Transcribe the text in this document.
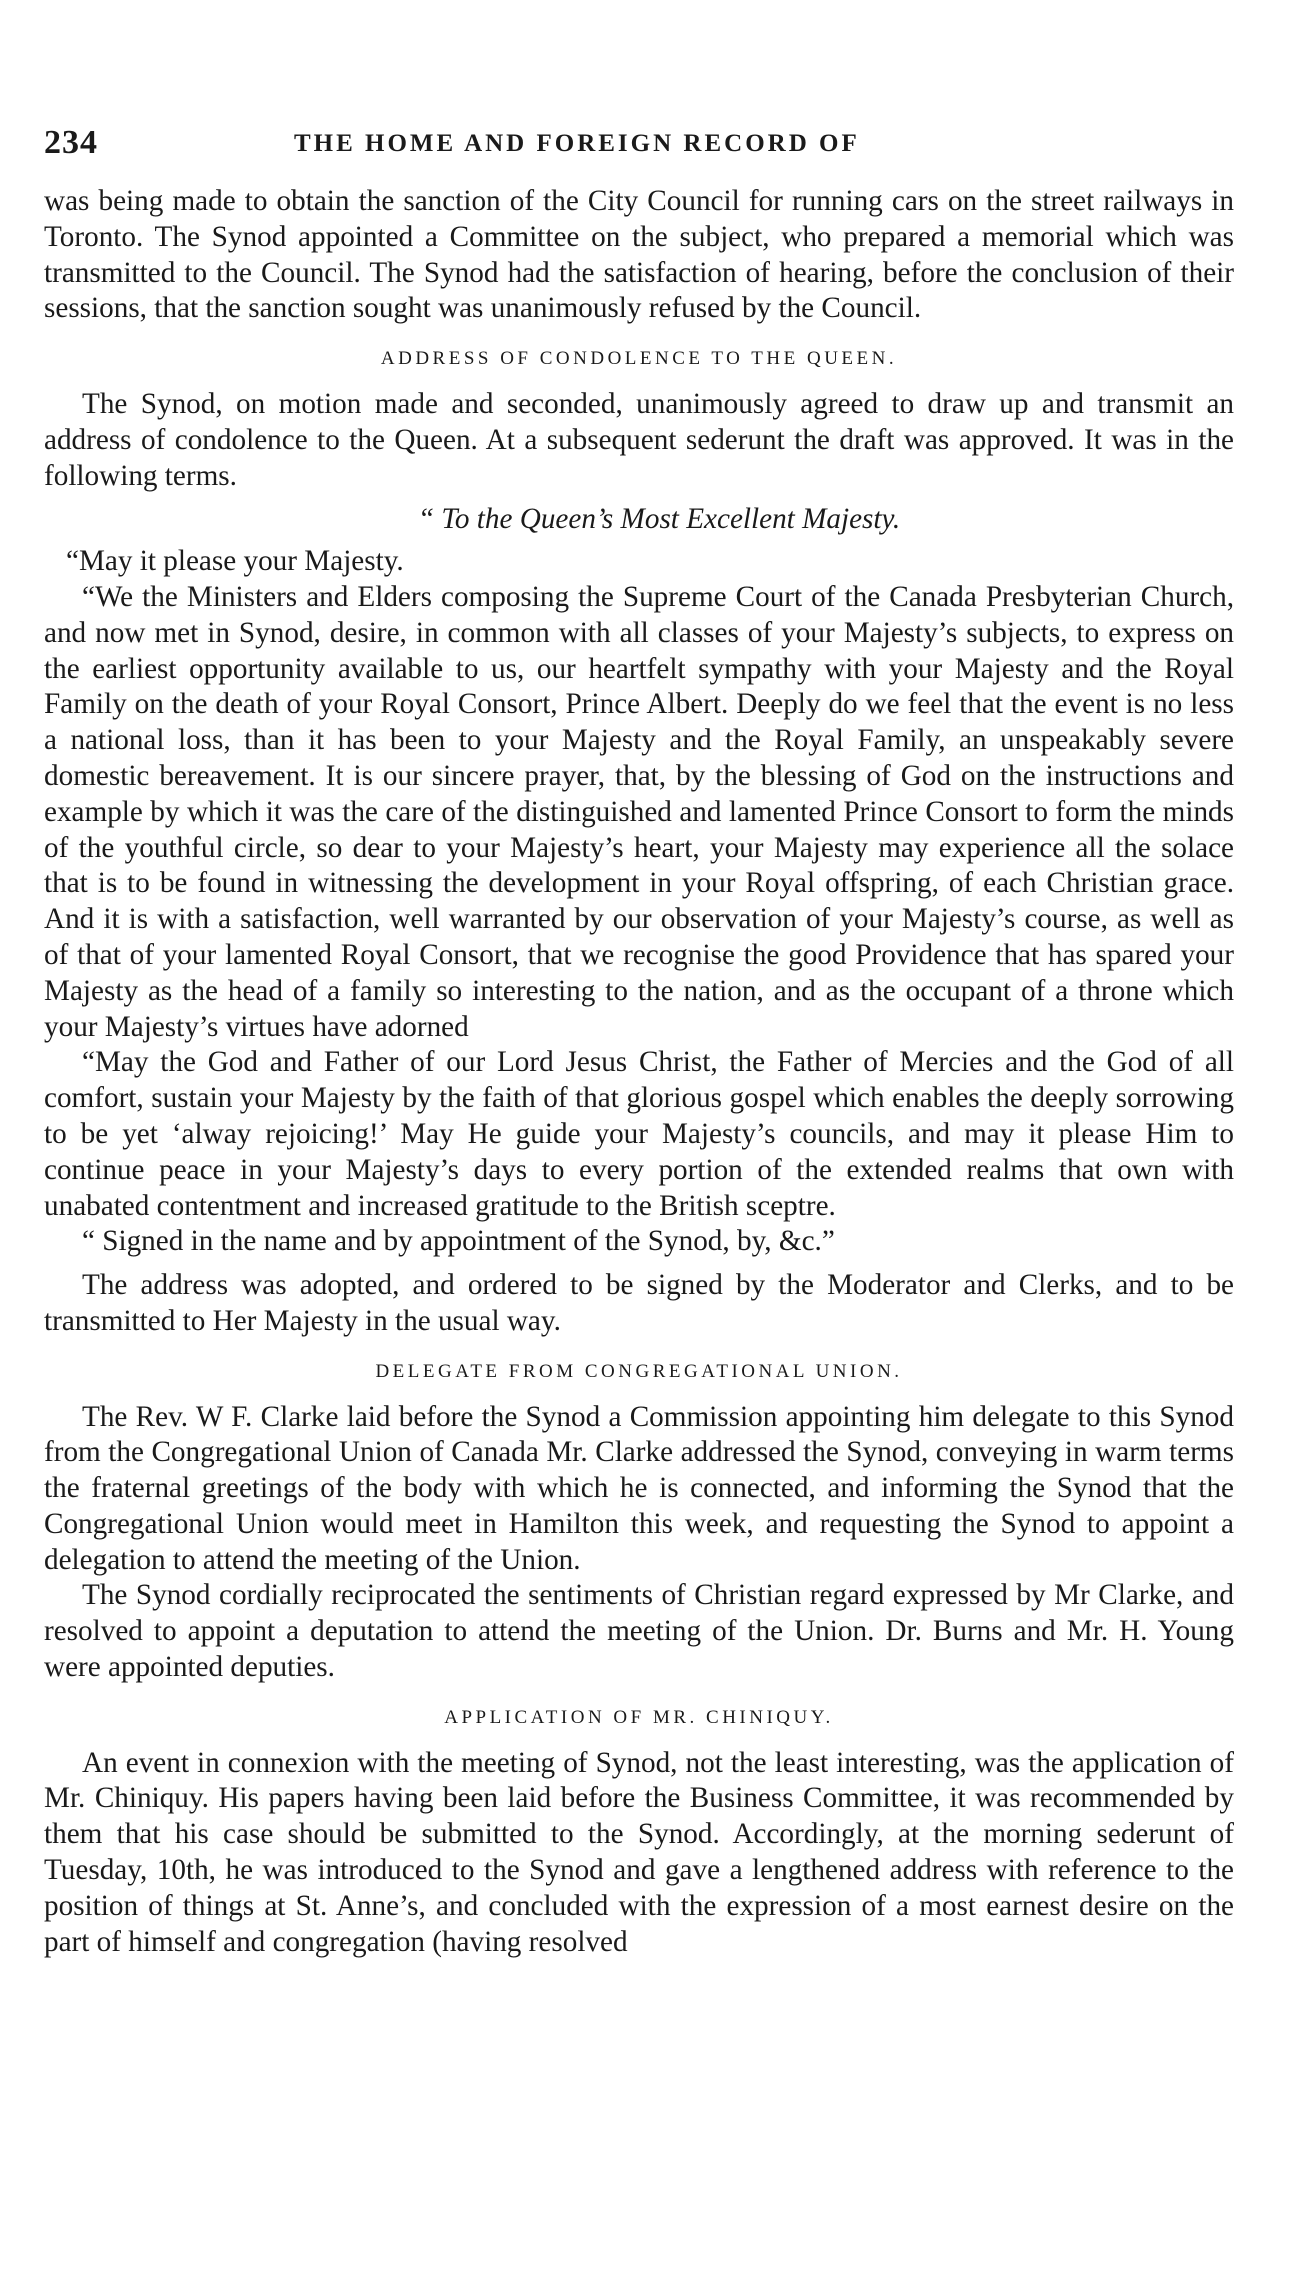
234	THE HOME AND FOREIGN RECORD OF

was being made to obtain the sanction of the City Council for running cars on the street railways in Toronto. The Synod appointed a Committee on the subject, who prepared a memorial which was transmitted to the Council. The Synod had the satisfaction of hearing, before the conclusion of their sessions, that the sanction sought was unanimously refused by the Council.

ADDRESS OF CONDOLENCE TO THE QUEEN.

The Synod, on motion made and seconded, unanimously agreed to draw up and transmit an address of condolence to the Queen. At a subsequent sederunt the draft was approved. It was in the following terms.

“ To the Queen’s Most Excellent Majesty.

“May it please your Majesty.

“We the Ministers and Elders composing the Supreme Court of the Canada Presbyterian Church, and now met in Synod, desire, in common with all classes of your Majesty’s subjects, to express on the earliest opportunity available to us, our heartfelt sympathy with your Majesty and the Royal Family on the death of your Royal Consort, Prince Albert. Deeply do we feel that the event is no less a national loss, than it has been to your Majesty and the Royal Family, an unspeakably severe domestic bereavement. It is our sincere prayer, that, by the blessing of God on the instructions and example by which it was the care of the distinguished and lamented Prince Consort to form the minds of the youthful circle, so dear to your Majesty’s heart, your Majesty may experience all the solace that is to be found in witnessing the development in your Royal offspring, of each Christian grace. And it is with a satisfaction, well warranted by our observation of your Majesty’s course, as well as of that of your lamented Royal Consort, that we recognise the good Providence that has spared your Majesty as the head of a family so interesting to the nation, and as the occupant of a throne which your Majesty’s virtues have adorned

“May the God and Father of our Lord Jesus Christ, the Father of Mercies and the God of all comfort, sustain your Majesty by the faith of that glorious gospel which enables the deeply sorrowing to be yet ‘alway rejoicing!’ May He guide your Majesty’s councils, and may it please Him to continue peace in your Majesty’s days to every portion of the extended realms that own with unabated contentment and increased gratitude to the British sceptre.

“ Signed in the name and by appointment of the Synod, by, &c.”

The address was adopted, and ordered to be signed by the Moderator and Clerks, and to be transmitted to Her Majesty in the usual way.

DELEGATE FROM CONGREGATIONAL UNION.

The Rev. W F. Clarke laid before the Synod a Commission appointing him delegate to this Synod from the Congregational Union of Canada Mr. Clarke addressed the Synod, conveying in warm terms the fraternal greetings of the body with which he is connected, and informing the Synod that the Congregational Union would meet in Hamilton this week, and requesting the Synod to appoint a delegation to attend the meeting of the Union.

The Synod cordially reciprocated the sentiments of Christian regard expressed by Mr Clarke, and resolved to appoint a deputation to attend the meeting of the Union. Dr. Burns and Mr. H. Young were appointed deputies.

APPLICATION OF MR. CHINIQUY.

An event in connexion with the meeting of Synod, not the least interesting, was the application of Mr. Chiniquy. His papers having been laid before the Business Committee, it was recommended by them that his case should be submitted to the Synod. Accordingly, at the morning sederunt of Tuesday, 10th, he was introduced to the Synod and gave a lengthened address with reference to the position of things at St. Anne’s, and concluded with the expression of a most earnest desire on the part of himself and congregation (having resolved
